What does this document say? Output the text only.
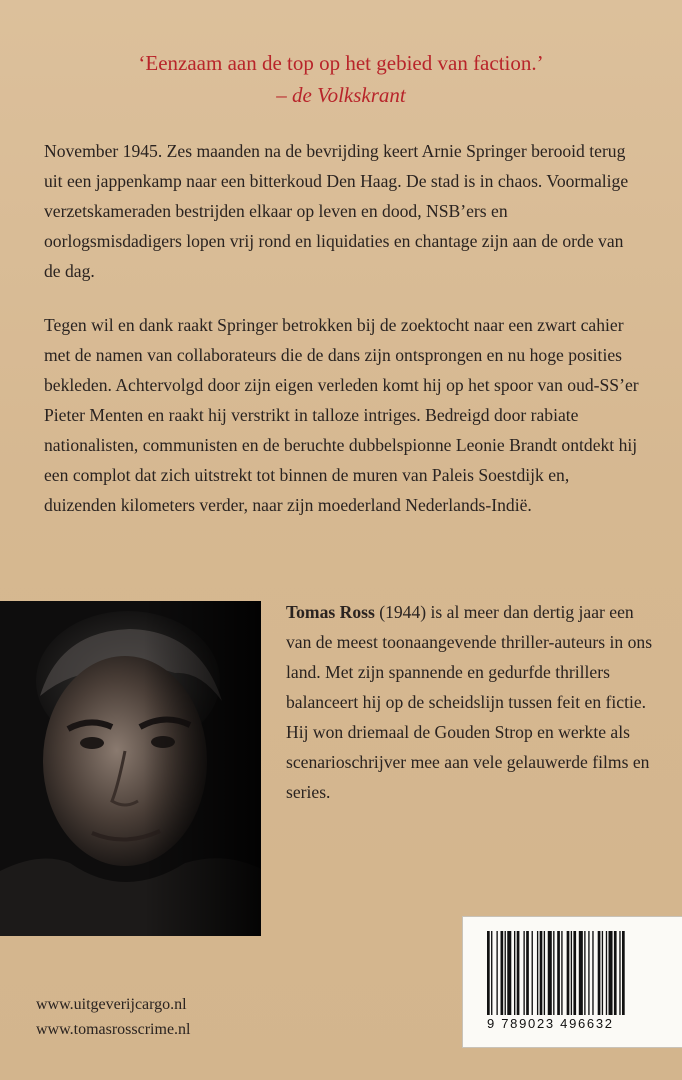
‘Eenzaam aan de top op het gebied van faction.’
– de Volkskrant

November 1945. Zes maanden na de bevrijding keert Arnie Springer berooid terug uit een jappenkamp naar een bitterkoud Den Haag. De stad is in chaos. Voormalige verzetskameraden bestrijden elkaar op leven en dood, NSB’ers en oorlogsmisdadigers lopen vrij rond en liquidaties en chantage zijn aan de orde van de dag.

Tegen wil en dank raakt Springer betrokken bij de zoektocht naar een zwart cahier met de namen van collaborateurs die de dans zijn ontsprongen en nu hoge posities bekleden. Achtervolgd door zijn eigen verleden komt hij op het spoor van oud-SS’er Pieter Menten en raakt hij verstrikt in talloze intriges. Bedreigd door rabiate nationalisten, communisten en de beruchte dubbelspionne Leonie Brandt ontdekt hij een complot dat zich uitstrekt tot binnen de muren van Paleis Soestdijk en, duizenden kilometers verder, naar zijn moederland Nederlands-Indië.

Tomas Ross (1944) is al meer dan dertig jaar een van de meest toonaangevende thriller-auteurs in ons land. Met zijn spannende en gedurfde thrillers balanceert hij op de scheidslijn tussen feit en fictie. Hij won driemaal de Gouden Strop en werkte als scenarioschrijver mee aan vele gelauwerde films en series.

www.uitgeverijcargo.nl
www.tomasrosscrime.nl	9 789023 496632
